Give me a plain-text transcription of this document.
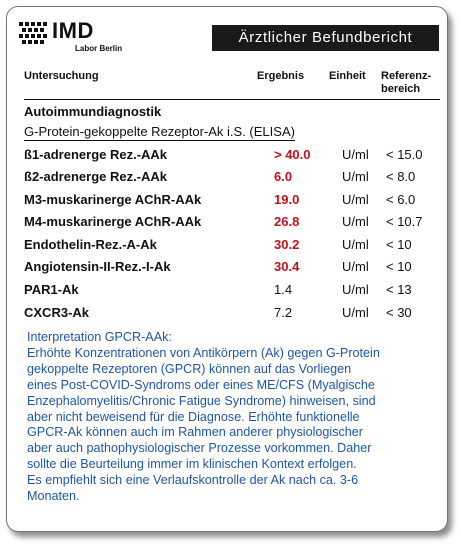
IMD
Labor Berlin
Ärztlicher Befundbericht
Untersuchung	Ergebnis Einheit Referenz-
bereich
Autoimmundiagnostik
G-Protein-gekoppelte Rezeptor-Ak i.S. (ELISA)
ß1-adrenerge Rez.-AAk	> 40.0	U/ml < 15.0
ß2-adrenerge Rez.-AAk	6.0	U/ml < 8.0
M3-muskarinerge AChR-AAk	19.0	U/ml < 6.0
M4-muskarinerge AChR-AAk	26.8	U/ml < 10.7
Endothelin-Rez.-A-Ak	30.2	U/ml < 10
Angiotensin-II-Rez.-I-Ak	30.4	U/ml < 10
PAR1-Ak	1.4	U/ml < 13
CXCR3-Ak	7.2	U/ml < 30
Interpretation GPCR-AAk:
Erhöhte Konzentrationen von Antikörpern (Ak) gegen G-Protein
gekoppelte Rezeptoren (GPCR) können auf das Vorliegen
eines Post-COVID-Syndroms oder eines ME/CFS (Myalgische
Enzephalomyelitis/Chronic Fatigue Syndrome) hinweisen, sind
aber nicht beweisend für die Diagnose. Erhöhte funktionelle
GPCR-Ak können auch im Rahmen anderer physiologischer
aber auch pathophysiologischer Prozesse vorkommen. Daher
sollte die Beurteilung immer im klinischen Kontext erfolgen.
Es empfiehlt sich eine Verlaufskontrolle der Ak nach ca. 3-6
Monaten.
